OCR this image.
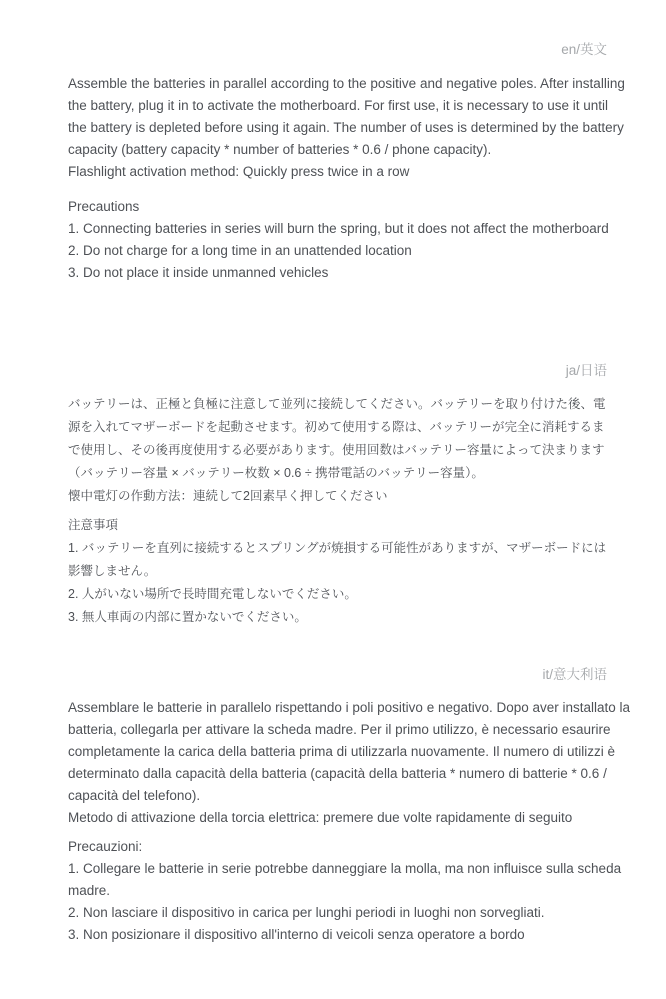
en/英文
Assemble the batteries in parallel according to the positive and negative poles. After installing
the battery, plug it in to activate the motherboard. For first use, it is necessary to use it until
the battery is depleted before using it again. The number of uses is determined by the battery
capacity (battery capacity * number of batteries * 0.6 / phone capacity).
Flashlight activation method: Quickly press twice in a row
Precautions
1. Connecting batteries in series will burn the spring, but it does not affect the motherboard
2. Do not charge for a long time in an unattended location
3. Do not place it inside unmanned vehicles
ja/日语
バッテリーは、正極と負極に注意して並列に接続してください。バッテリーを取り付けた後、電
源を入れてマザーボードを起動させます。初めて使用する際は、バッテリーが完全に消耗するま
で使用し、その後再度使用する必要があります。使用回数はバッテリー容量によって決まります
（バッテリー容量 × バッテリー枚数 × 0.6 ÷ 携帯電話のバッテリー容量）。
懐中電灯の作動方法：連続して2回素早く押してください
注意事項
1. バッテリーを直列に接続するとスプリングが焼損する可能性がありますが、マザーボードには
影響しません。
2. 人がいない場所で長時間充電しないでください。
3. 無人車両の内部に置かないでください。
it/意大利语
Assemblare le batterie in parallelo rispettando i poli positivo e negativo. Dopo aver installato la
batteria, collegarla per attivare la scheda madre. Per il primo utilizzo, è necessario esaurire
completamente la carica della batteria prima di utilizzarla nuovamente. Il numero di utilizzi è
determinato dalla capacità della batteria (capacità della batteria * numero di batterie * 0.6 /
capacità del telefono).
Metodo di attivazione della torcia elettrica: premere due volte rapidamente di seguito
Precauzioni:
1. Collegare le batterie in serie potrebbe danneggiare la molla, ma non influisce sulla scheda
madre.
2. Non lasciare il dispositivo in carica per lunghi periodi in luoghi non sorvegliati.
3. Non posizionare il dispositivo all'interno di veicoli senza operatore a bordo
